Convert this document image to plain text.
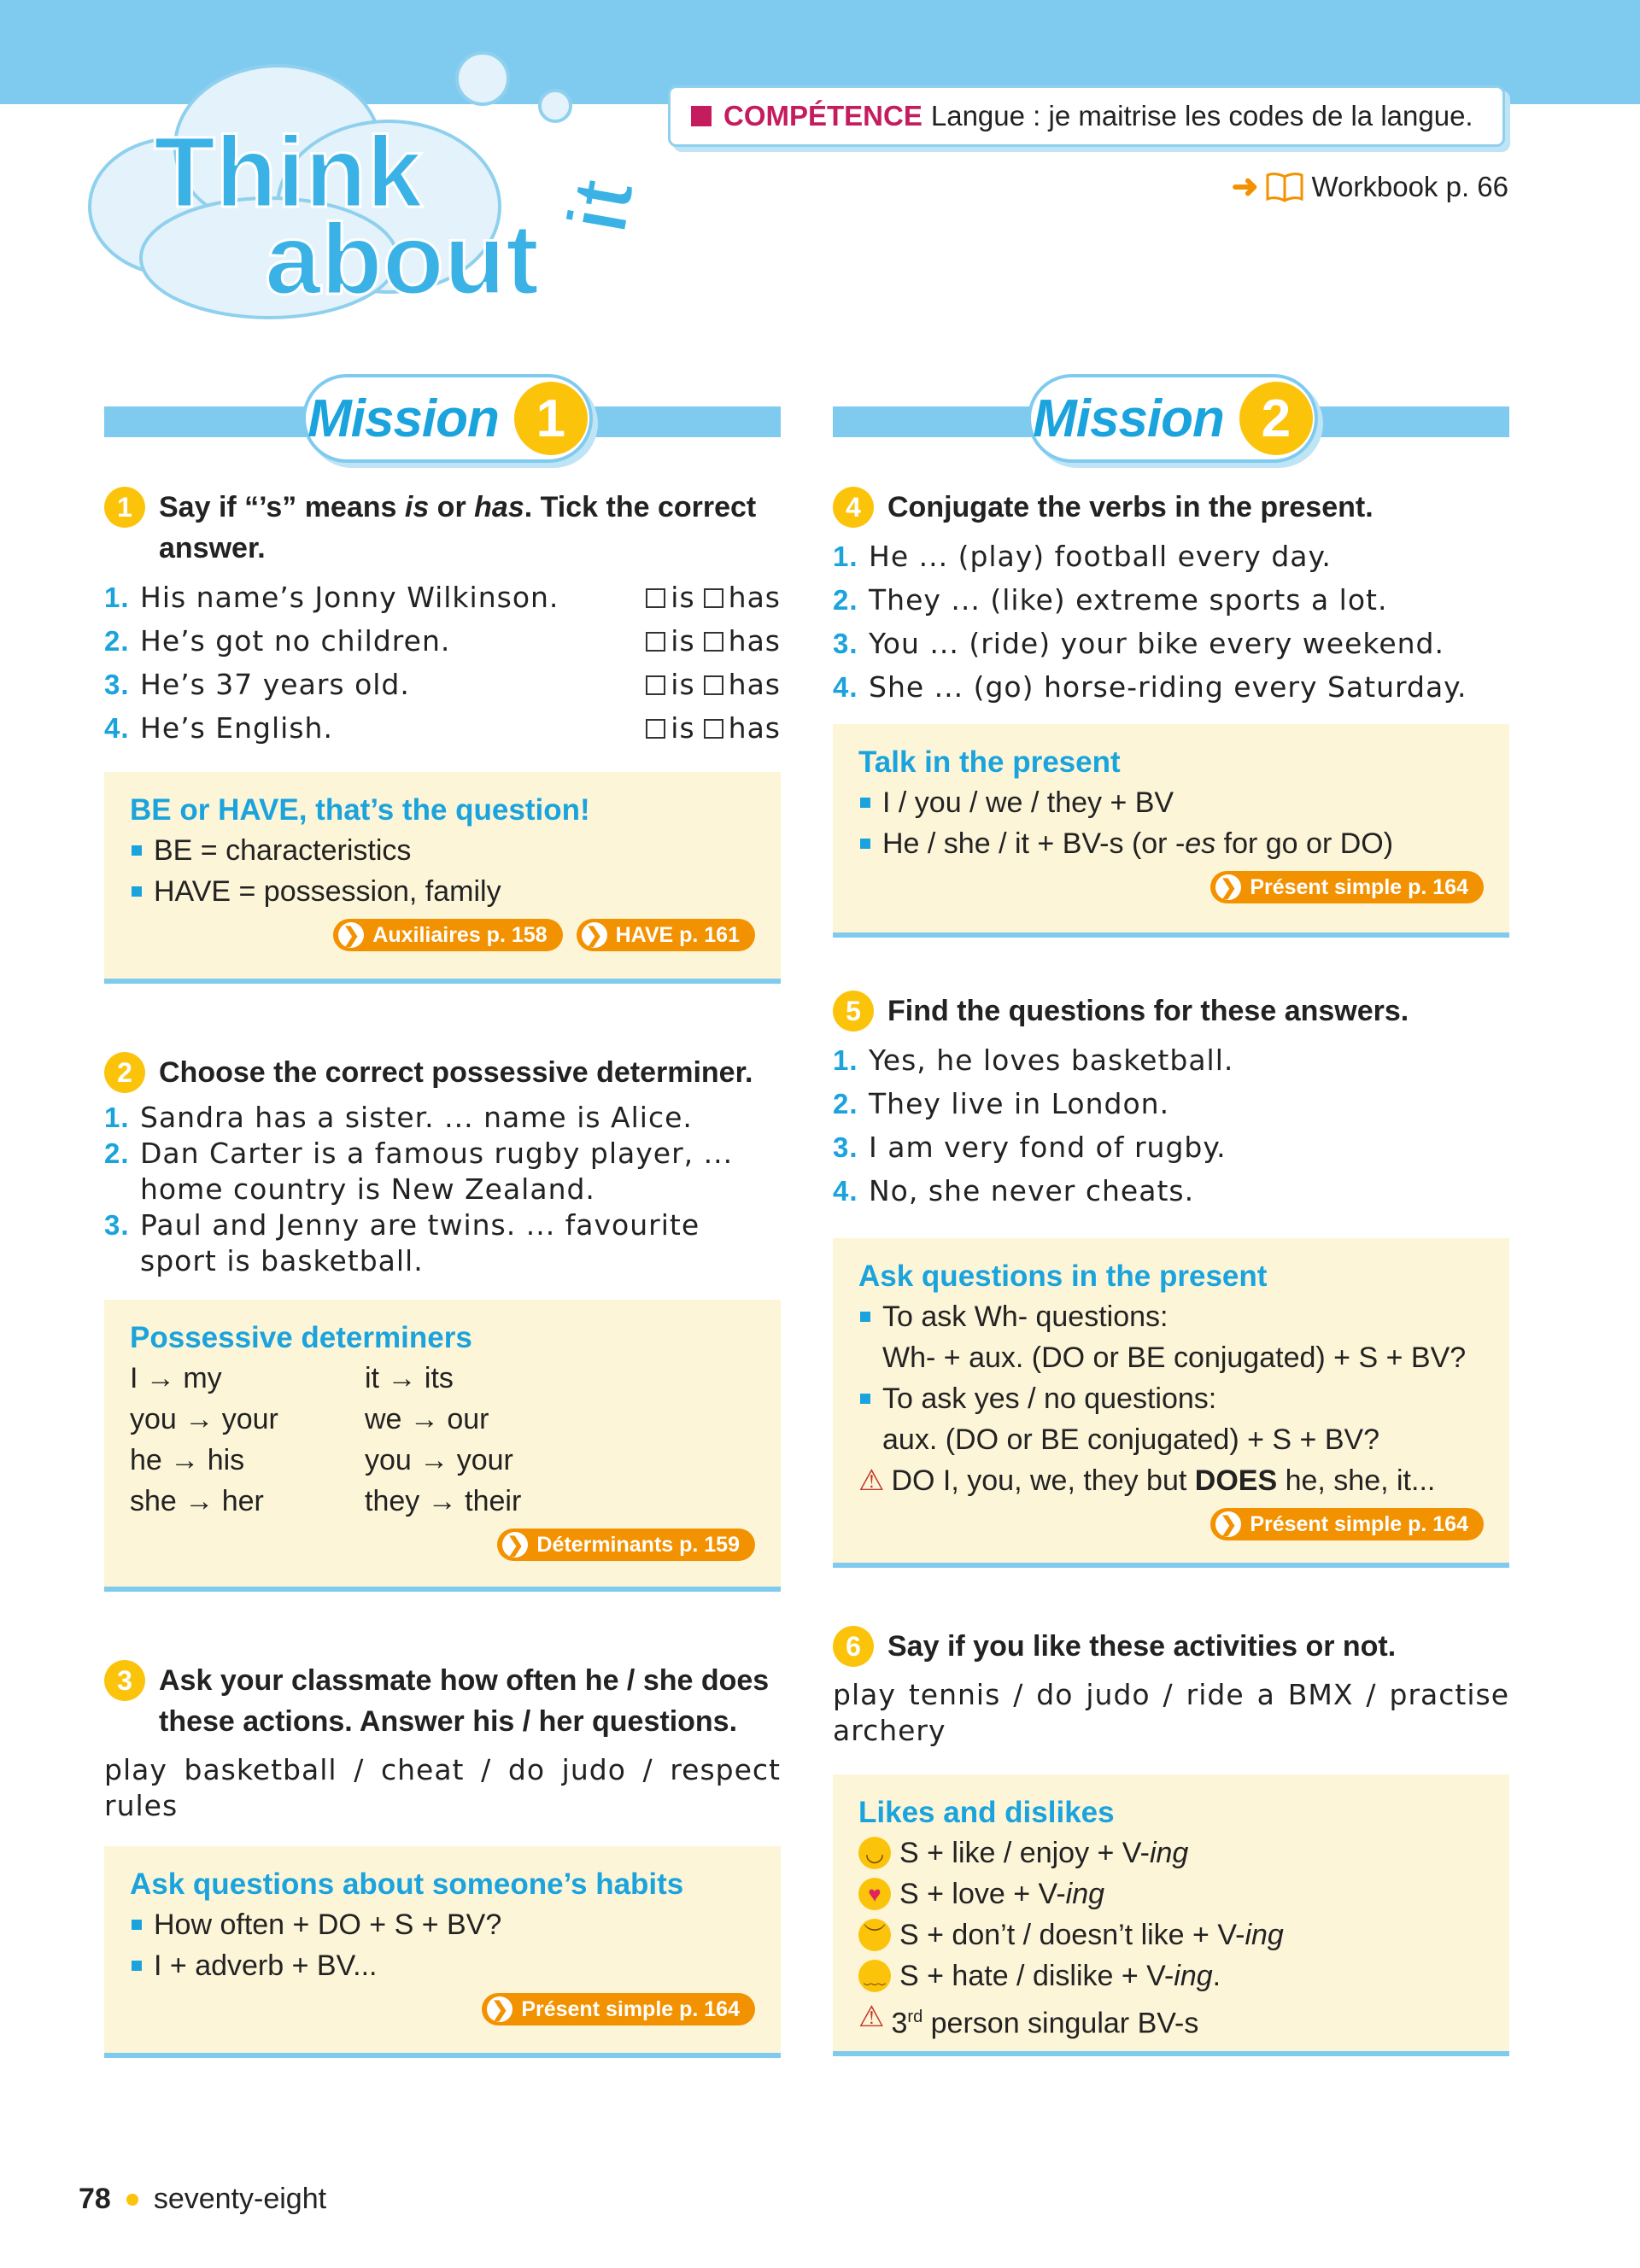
Think
about it
COMPÉTENCE Langue : je maitrise les codes de la langue.
➜ Workbook p. 66
Mission 1
1 Say if “’s” means is or has. Tick the correct answer.
1. His name’s Jonny Wilkinson.	is	has
2. He’s got no children.	is	has
3. He’s 37 years old.	is	has
4. He’s English.	is	has
BE or HAVE, that’s the question!
BE = characteristics
HAVE = possession, family
❯ Auxiliaires p. 158 ❯ HAVE p. 161
2 Choose the correct possessive determiner.
1. Sandra has a sister. ... name is Alice.
2. Dan Carter is a famous rugby player, ... home country is New Zealand.
3. Paul and Jenny are twins. ... favourite sport is basketball.
Possessive determiners
I → my	it → its
you → your	we → our
he → his	you → your
she → her	they → their
❯ Déterminants p. 159
3 Ask your classmate how often he / she does these actions. Answer his / her questions.
play basketball / cheat / do judo / respect rules
Ask questions about someone’s habits
How often + DO + S + BV?
I + adverb + BV...
❯ Présent simple p. 164
Mission 2
4 Conjugate the verbs in the present.
1. He ... (play) football every day.
2. They ... (like) extreme sports a lot.
3. You ... (ride) your bike every weekend.
4. She ... (go) horse-riding every Saturday.
Talk in the present
I / you / we / they + BV
He / she / it + BV-s (or -es for go or DO)
❯ Présent simple p. 164
5 Find the questions for these answers.
1. Yes, he loves basketball.
2. They live in London.
3. I am very fond of rugby.
4. No, she never cheats.
Ask questions in the present
To ask Wh- questions:
Wh- + aux. (DO or BE conjugated) + S + BV?
To ask yes / no questions:
aux. (DO or BE conjugated) + S + BV?
⚠ DO I, you, we, they but DOES he, she, it...
❯ Présent simple p. 164
6 Say if you like these activities or not.
play tennis / do judo / ride a BMX / practise archery
Likes and dislikes
◡ S + like / enjoy + V-ing
♥ S + love + V-ing
︶ S + don’t / doesn’t like + V-ing
﹏ S + hate / dislike + V-ing.
⚠ 3rd person singular BV-s
78 seventy-eight
